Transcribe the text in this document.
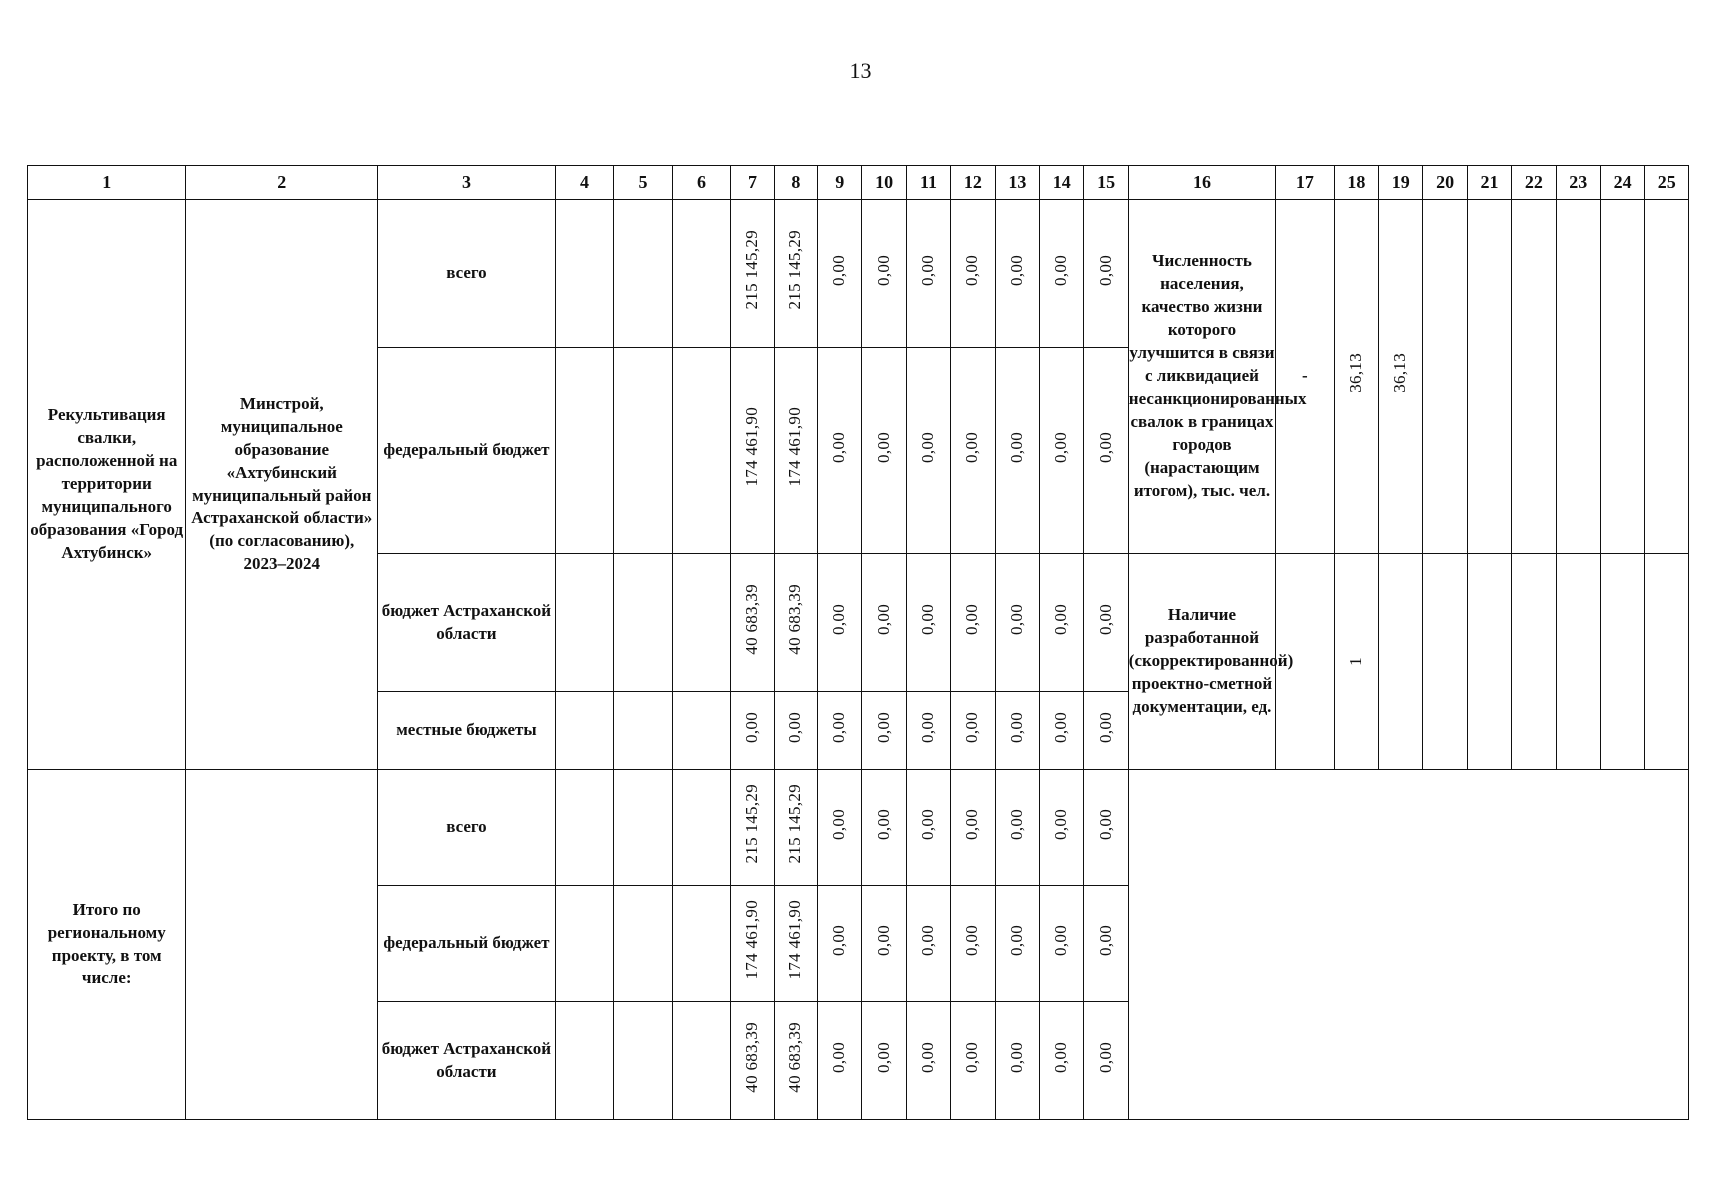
13
1	2	3	4	5	6	7	8	9	10	11	12	13	14	15	16	17	18	19	20	21	22	23	24	25
Рекультивация свалки, расположенной на территории муниципального образования «Город Ахтубинск»	Минстрой, муниципальное образование «Ахтубинский муниципальный район Астраханской области» (по согласованию), 2023–2024	всего				215 145,29	215 145,29	0,00	0,00	0,00	0,00	0,00	0,00	0,00	Численность населения, качество жизни которого улучшится в связи с ликвидацией несанкционированных свалок в границах городов (нарастающим итогом), тыс. чел.	-	36,13	36,13						
		федеральный бюджет				174 461,90	174 461,90	0,00	0,00	0,00	0,00	0,00	0,00	0,00										
		бюджет Астраханской области				40 683,39	40 683,39	0,00	0,00	0,00	0,00	0,00	0,00	0,00	Наличие разработанной (скорректированной) проектно-сметной документации, ед.		1							
		местные бюджеты				0,00	0,00	0,00	0,00	0,00	0,00	0,00	0,00	0,00										
Итого по региональному проекту, в том числе:		всего				215 145,29	215 145,29	0,00	0,00	0,00	0,00	0,00	0,00	0,00										
		федеральный бюджет				174 461,90	174 461,90	0,00	0,00	0,00	0,00	0,00	0,00	0,00										
		бюджет Астраханской области				40 683,39	40 683,39	0,00	0,00	0,00	0,00	0,00	0,00	0,00										
